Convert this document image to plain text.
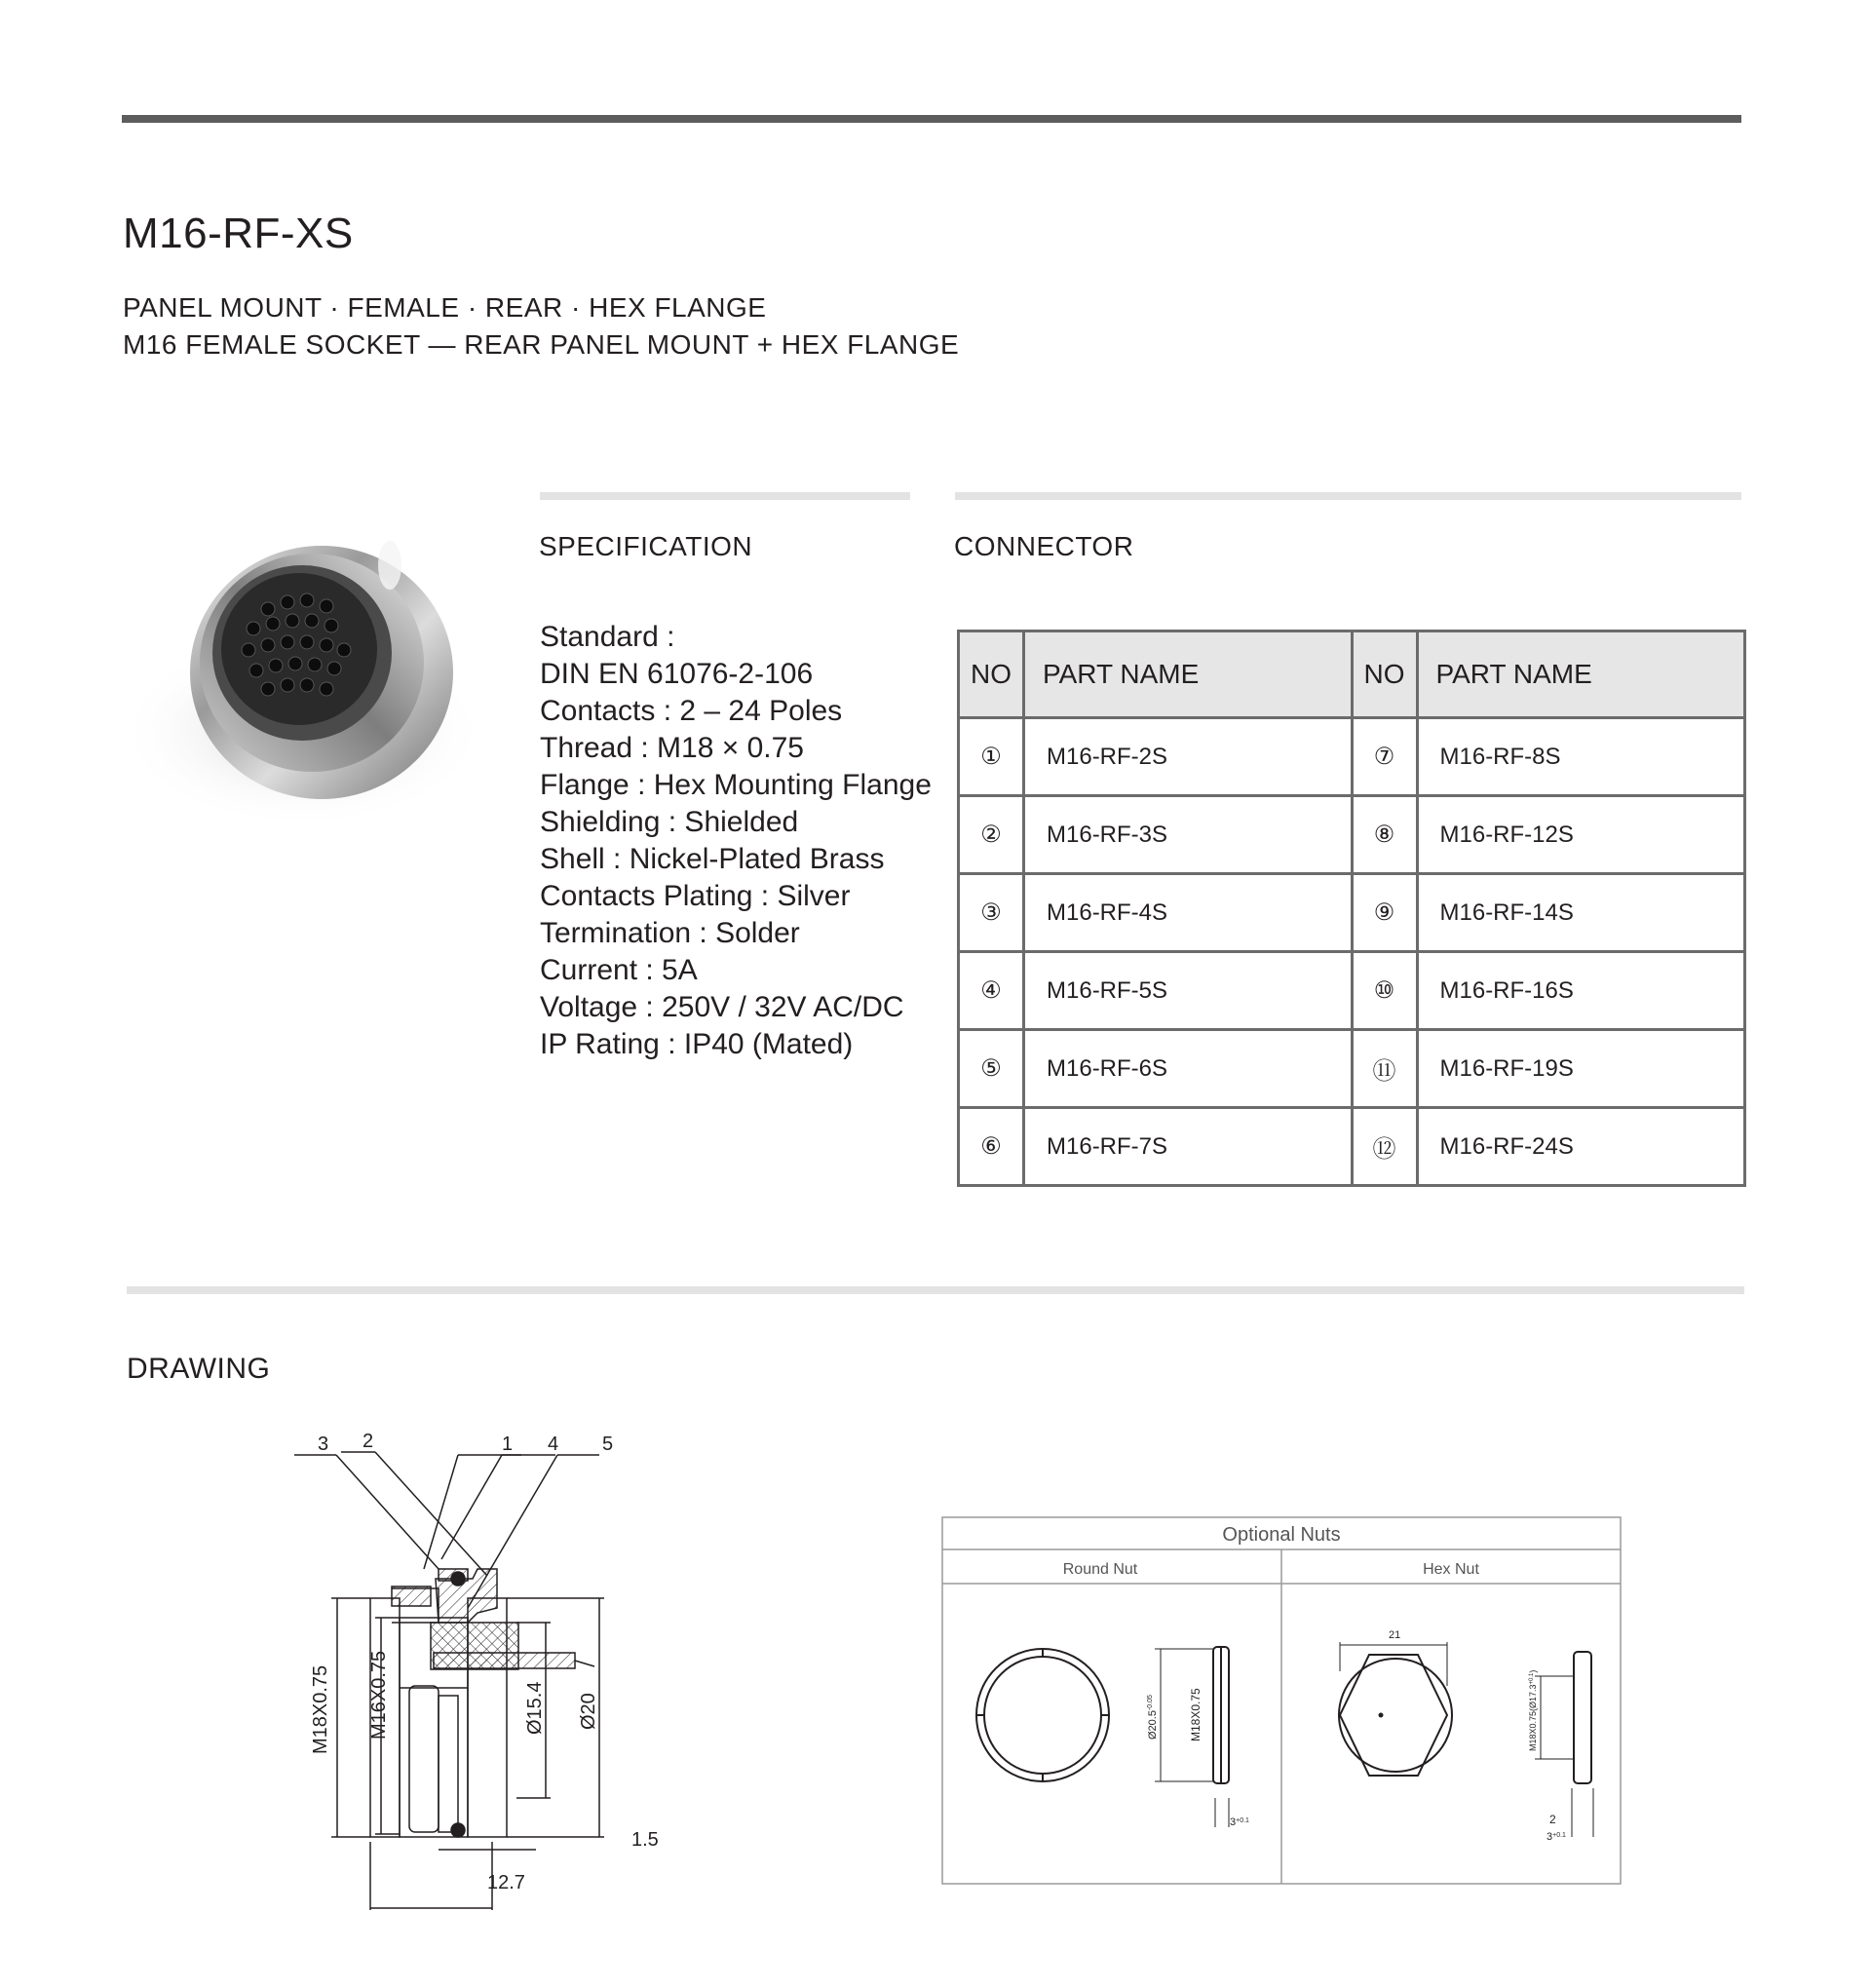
M16-RF-XS
PANEL MOUNT · FEMALE · REAR · HEX FLANGE
M16 FEMALE SOCKET — REAR PANEL MOUNT + HEX FLANGE
SPECIFICATION	CONNECTOR
Standard :
DIN EN 61076-2-106
Contacts : 2 – 24 Poles
Thread : M18 × 0.75
Flange : Hex Mounting Flange
Shielding : Shielded
Shell : Nickel-Plated Brass
Contacts Plating : Silver
Termination : Solder
Current : 5A
Voltage : 250V / 32V AC/DC
IP Rating : IP40 (Mated)
NO	PART NAME	NO	PART NAME
①	M16-RF-2S	⑦	M16-RF-8S
②	M16-RF-3S	⑧	M16-RF-12S
③	M16-RF-4S	⑨	M16-RF-14S
④	M16-RF-5S	⑩	M16-RF-16S
⑤	M16-RF-6S	⑪	M16-RF-19S
⑥	M16-RF-7S	⑫	M16-RF-24S
DRAWING
3 2	1 4 5
M18X0.75 M16X0.75	Ø15.4 Ø20
1.5
12.7
Optional Nuts
Round Nut	Hex Nut
$Ø20.5^{-0.05}$	M18X0.75
$3^{+0.1}$
21
$M18X0.75(Ø17.3^{+0.1})$
2
$3^{+0.1}$
